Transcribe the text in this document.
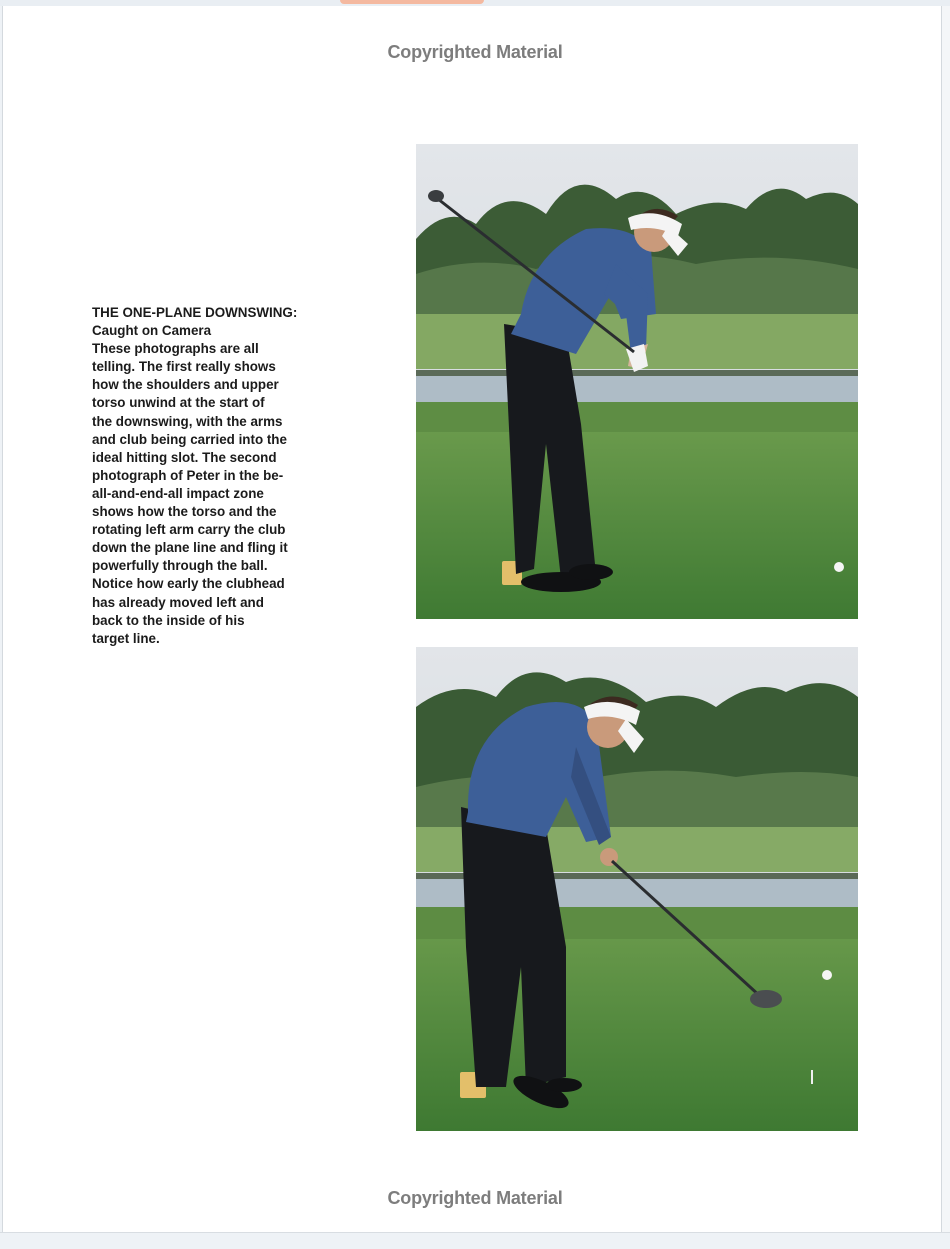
Copyrighted Material
THE ONE-PLANE DOWNSWING:
Caught on Camera
These photographs are all
telling. The first really shows
how the shoulders and upper
torso unwind at the start of
the downswing, with the arms
and club being carried into the
ideal hitting slot. The second
photograph of Peter in the be-
all-and-end-all impact zone
shows how the torso and the
rotating left arm carry the club
down the plane line and fling it
powerfully through the ball.
Notice how early the clubhead
has already moved left and
back to the inside of his
target line.
Copyrighted Material
